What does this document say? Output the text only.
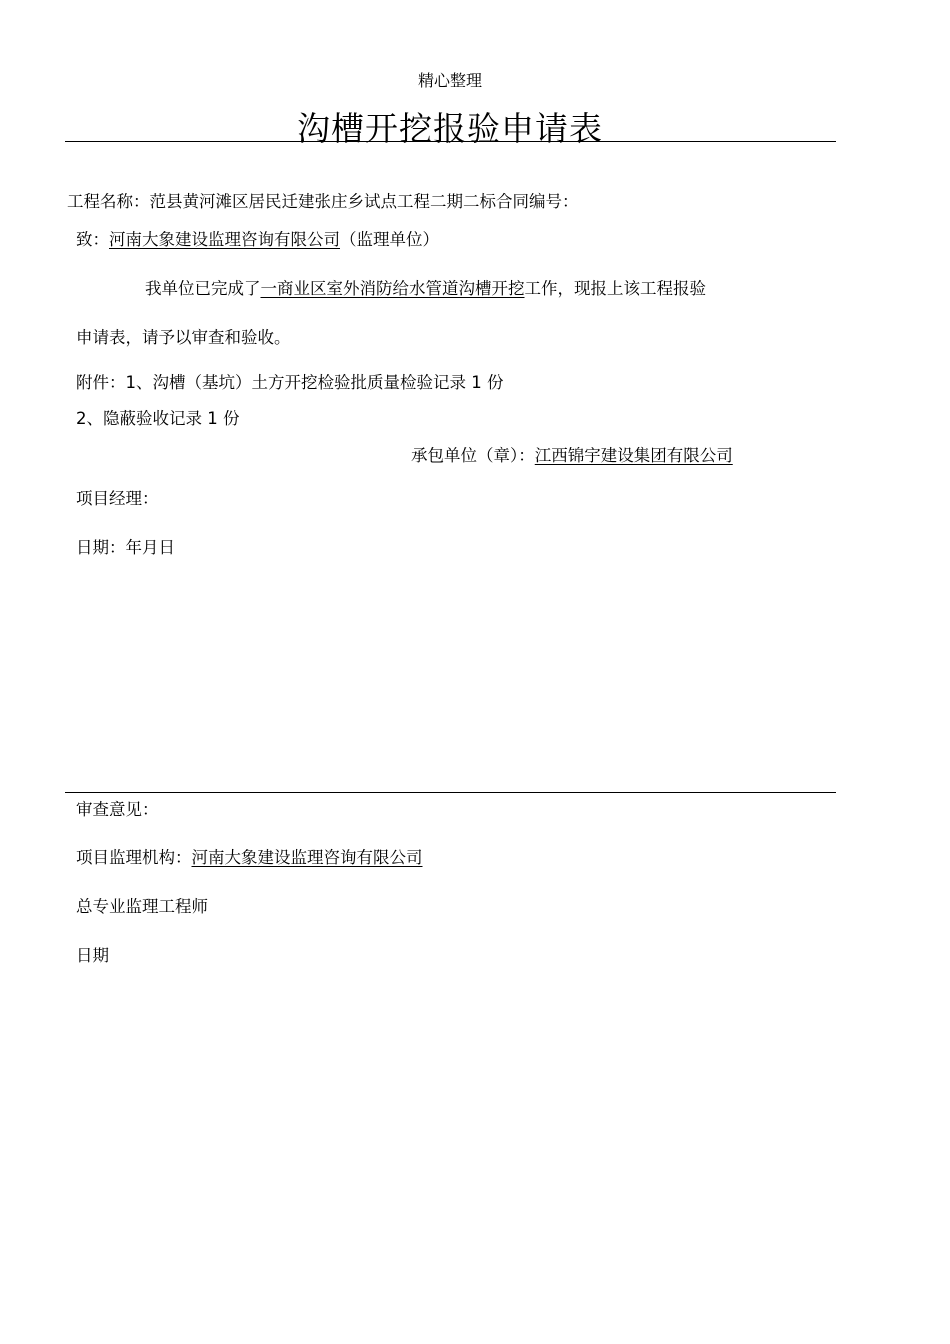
精心整理
沟槽开挖报验申请表
工程名称：范县黄河滩区居民迁建张庄乡试点工程二期二标合同编号：
致：河南大象建设监理咨询有限公司（监理单位）
我单位已完成了一商业区室外消防给水管道沟槽开挖工作，现报上该工程报验
申请表，请予以审查和验收。
附件：1、沟槽（基坑）土方开挖检验批质量检验记录 1 份
2、隐蔽验收记录 1 份
承包单位（章）：江西锦宇建设集团有限公司
项目经理：
日期：年月日
审查意见：
项目监理机构：河南大象建设监理咨询有限公司
总专业监理工程师
日期
